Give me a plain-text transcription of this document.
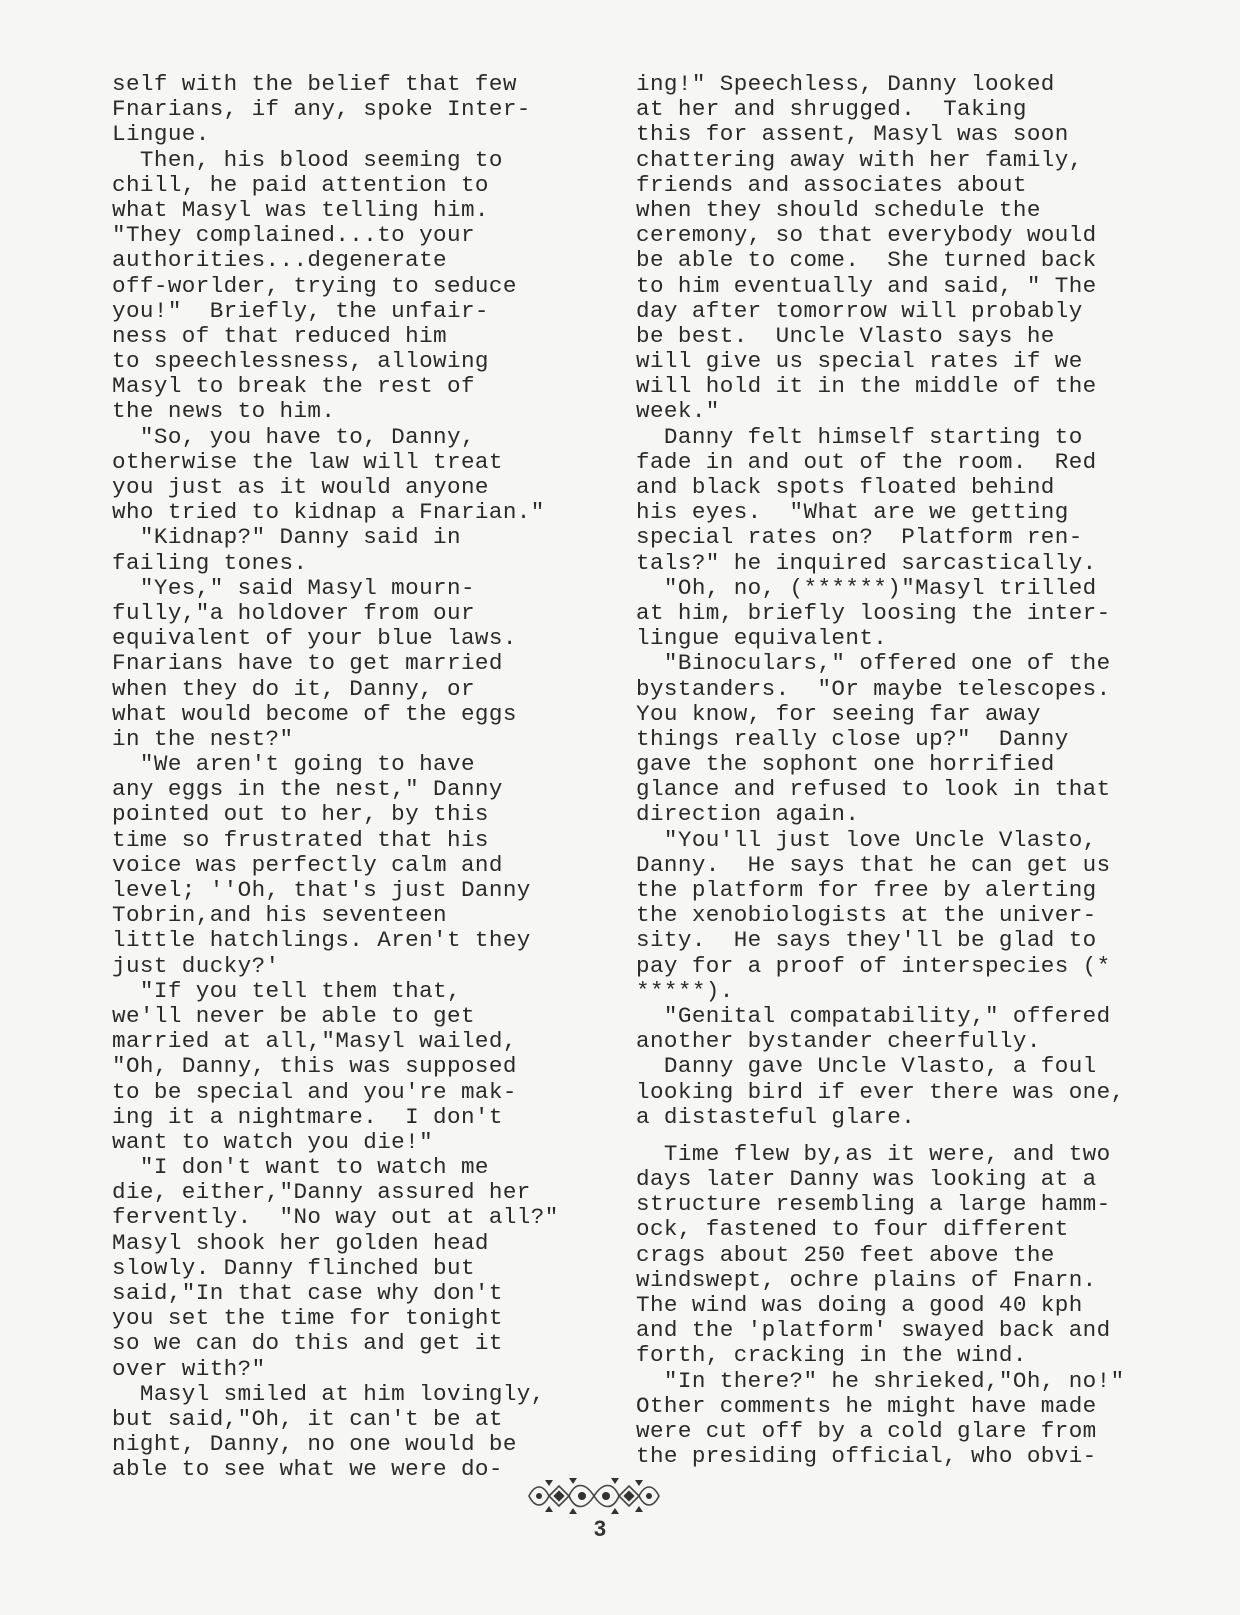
self with the belief that few
Fnarians, if any, spoke Inter-
Lingue.
Then, his blood seeming to
chill, he paid attention to
what Masyl was telling him.
"They complained...to your
authorities...degenerate
off-worlder, trying to seduce
you!"  Briefly, the unfair-
ness of that reduced him
to speechlessness, allowing
Masyl to break the rest of
the news to him.
"So, you have to, Danny,
otherwise the law will treat
you just as it would anyone
who tried to kidnap a Fnarian."
"Kidnap?" Danny said in
failing tones.
"Yes," said Masyl mourn-
fully,"a holdover from our
equivalent of your blue laws.
Fnarians have to get married
when they do it, Danny, or
what would become of the eggs
in the nest?"
"We aren't going to have
any eggs in the nest," Danny
pointed out to her, by this
time so frustrated that his
voice was perfectly calm and
level; ''Oh, that's just Danny
Tobrin,and his seventeen
little hatchlings. Aren't they
just ducky?'
"If you tell them that,
we'll never be able to get
married at all,"Masyl wailed,
"Oh, Danny, this was supposed
to be special and you're mak-
ing it a nightmare.  I don't
want to watch you die!"
"I don't want to watch me
die, either,"Danny assured her
fervently.  "No way out at all?"
Masyl shook her golden head
slowly. Danny flinched but
said,"In that case why don't
you set the time for tonight
so we can do this and get it
over with?"
Masyl smiled at him lovingly,
but said,"Oh, it can't be at
night, Danny, no one would be
able to see what we were do-
ing!" Speechless, Danny looked
at her and shrugged.  Taking
this for assent, Masyl was soon
chattering away with her family,
friends and associates about
when they should schedule the
ceremony, so that everybody would
be able to come.  She turned back
to him eventually and said, " The
day after tomorrow will probably
be best.  Uncle Vlasto says he
will give us special rates if we
will hold it in the middle of the
week."
Danny felt himself starting to
fade in and out of the room.  Red
and black spots floated behind
his eyes.  "What are we getting
special rates on?  Platform ren-
tals?" he inquired sarcastically.
"Oh, no, (******)"Masyl trilled
at him, briefly loosing the inter-
lingue equivalent.
"Binoculars," offered one of the
bystanders.  "Or maybe telescopes.
You know, for seeing far away
things really close up?"  Danny
gave the sophont one horrified
glance and refused to look in that
direction again.
"You'll just love Uncle Vlasto,
Danny.  He says that he can get us
the platform for free by alerting
the xenobiologists at the univer-
sity.  He says they'll be glad to
pay for a proof of interspecies (*
*****).
"Genital compatability," offered
another bystander cheerfully.
Danny gave Uncle Vlasto, a foul
looking bird if ever there was one,
a distasteful glare.
Time flew by,as it were, and two
days later Danny was looking at a
structure resembling a large hamm-
ock, fastened to four different
crags about 250 feet above the
windswept, ochre plains of Fnarn.
The wind was doing a good 40 kph
and the 'platform' swayed back and
forth, cracking in the wind.
"In there?" he shrieked,"Oh, no!"
Other comments he might have made
were cut off by a cold glare from
the presiding official, who obvi-
3
